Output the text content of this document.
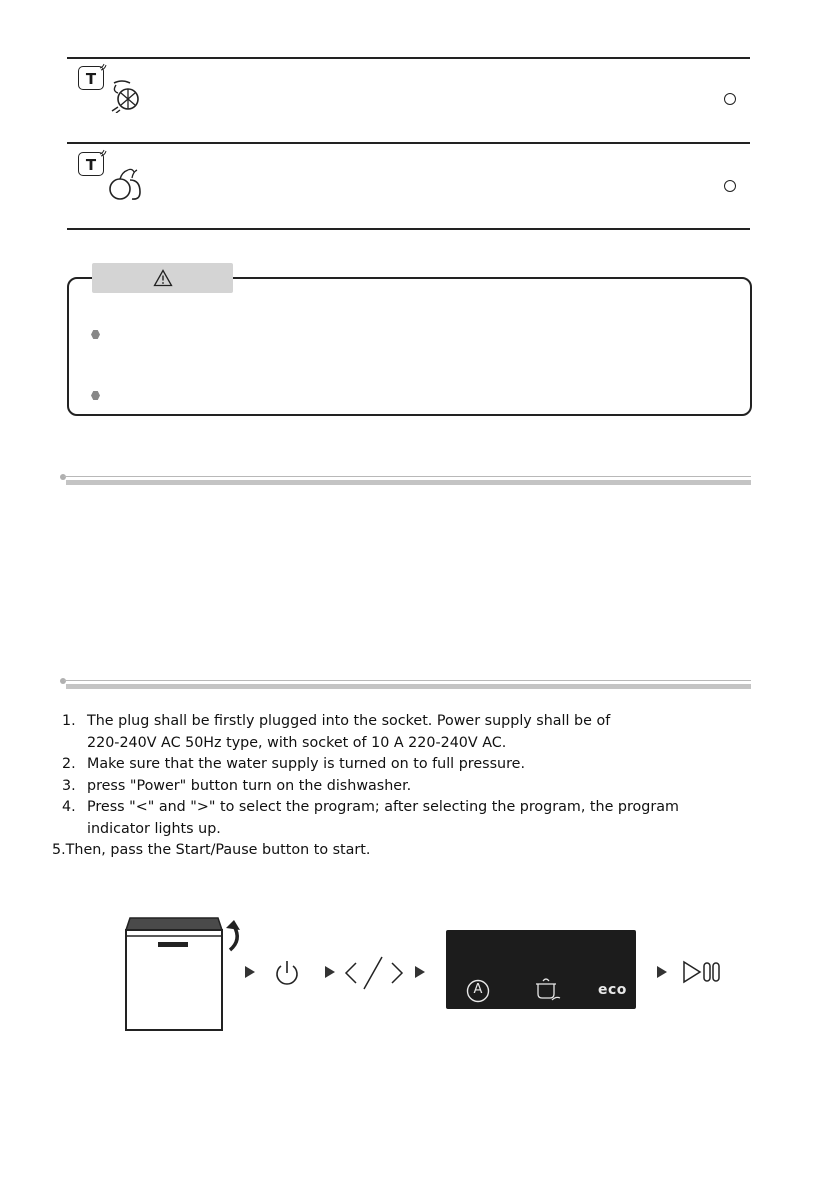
T
T
1. The plug shall be firstly plugged into the socket. Power supply shall be of
220-240V AC 50Hz type, with socket of 10 A 220-240V AC.
2. Make sure that the water supply is turned on to full pressure.
3. press "Power" button turn on the dishwasher.
4. Press "<" and ">" to select the program; after selecting the program, the program
indicator lights up.
5.Then, pass the Start/Pause button to start.
A	eco
